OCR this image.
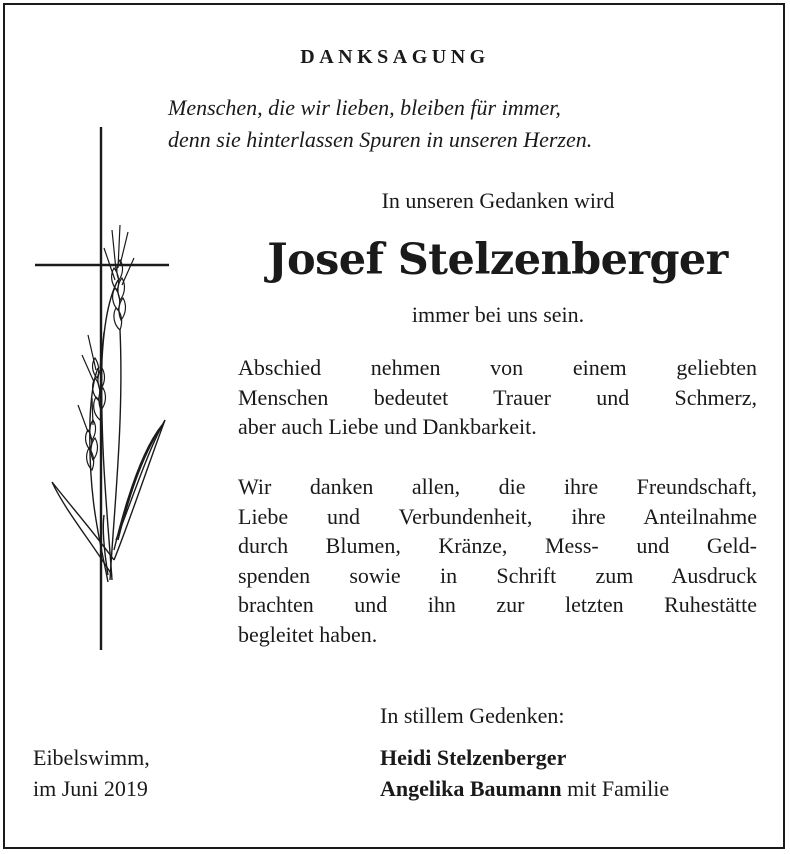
DANKSAGUNG
Menschen, die wir lieben, bleiben für immer,
denn sie hinterlassen Spuren in unseren Herzen.
In unseren Gedanken wird
Josef Stelzenberger
immer bei uns sein.
Abschied nehmen von einem geliebten
Menschen bedeutet Trauer und Schmerz,
aber auch Liebe und Dankbarkeit.
Wir danken allen, die ihre Freundschaft,
Liebe und Verbundenheit, ihre Anteilnahme
durch Blumen, Kränze, Mess- und Geld-
spenden sowie in Schrift zum Ausdruck
brachten und ihn zur letzten Ruhestätte
begleitet haben.
In stillem Gedenken:
Eibelswimm,
im Juni 2019
Heidi Stelzenberger
Angelika Baumann mit Familie
